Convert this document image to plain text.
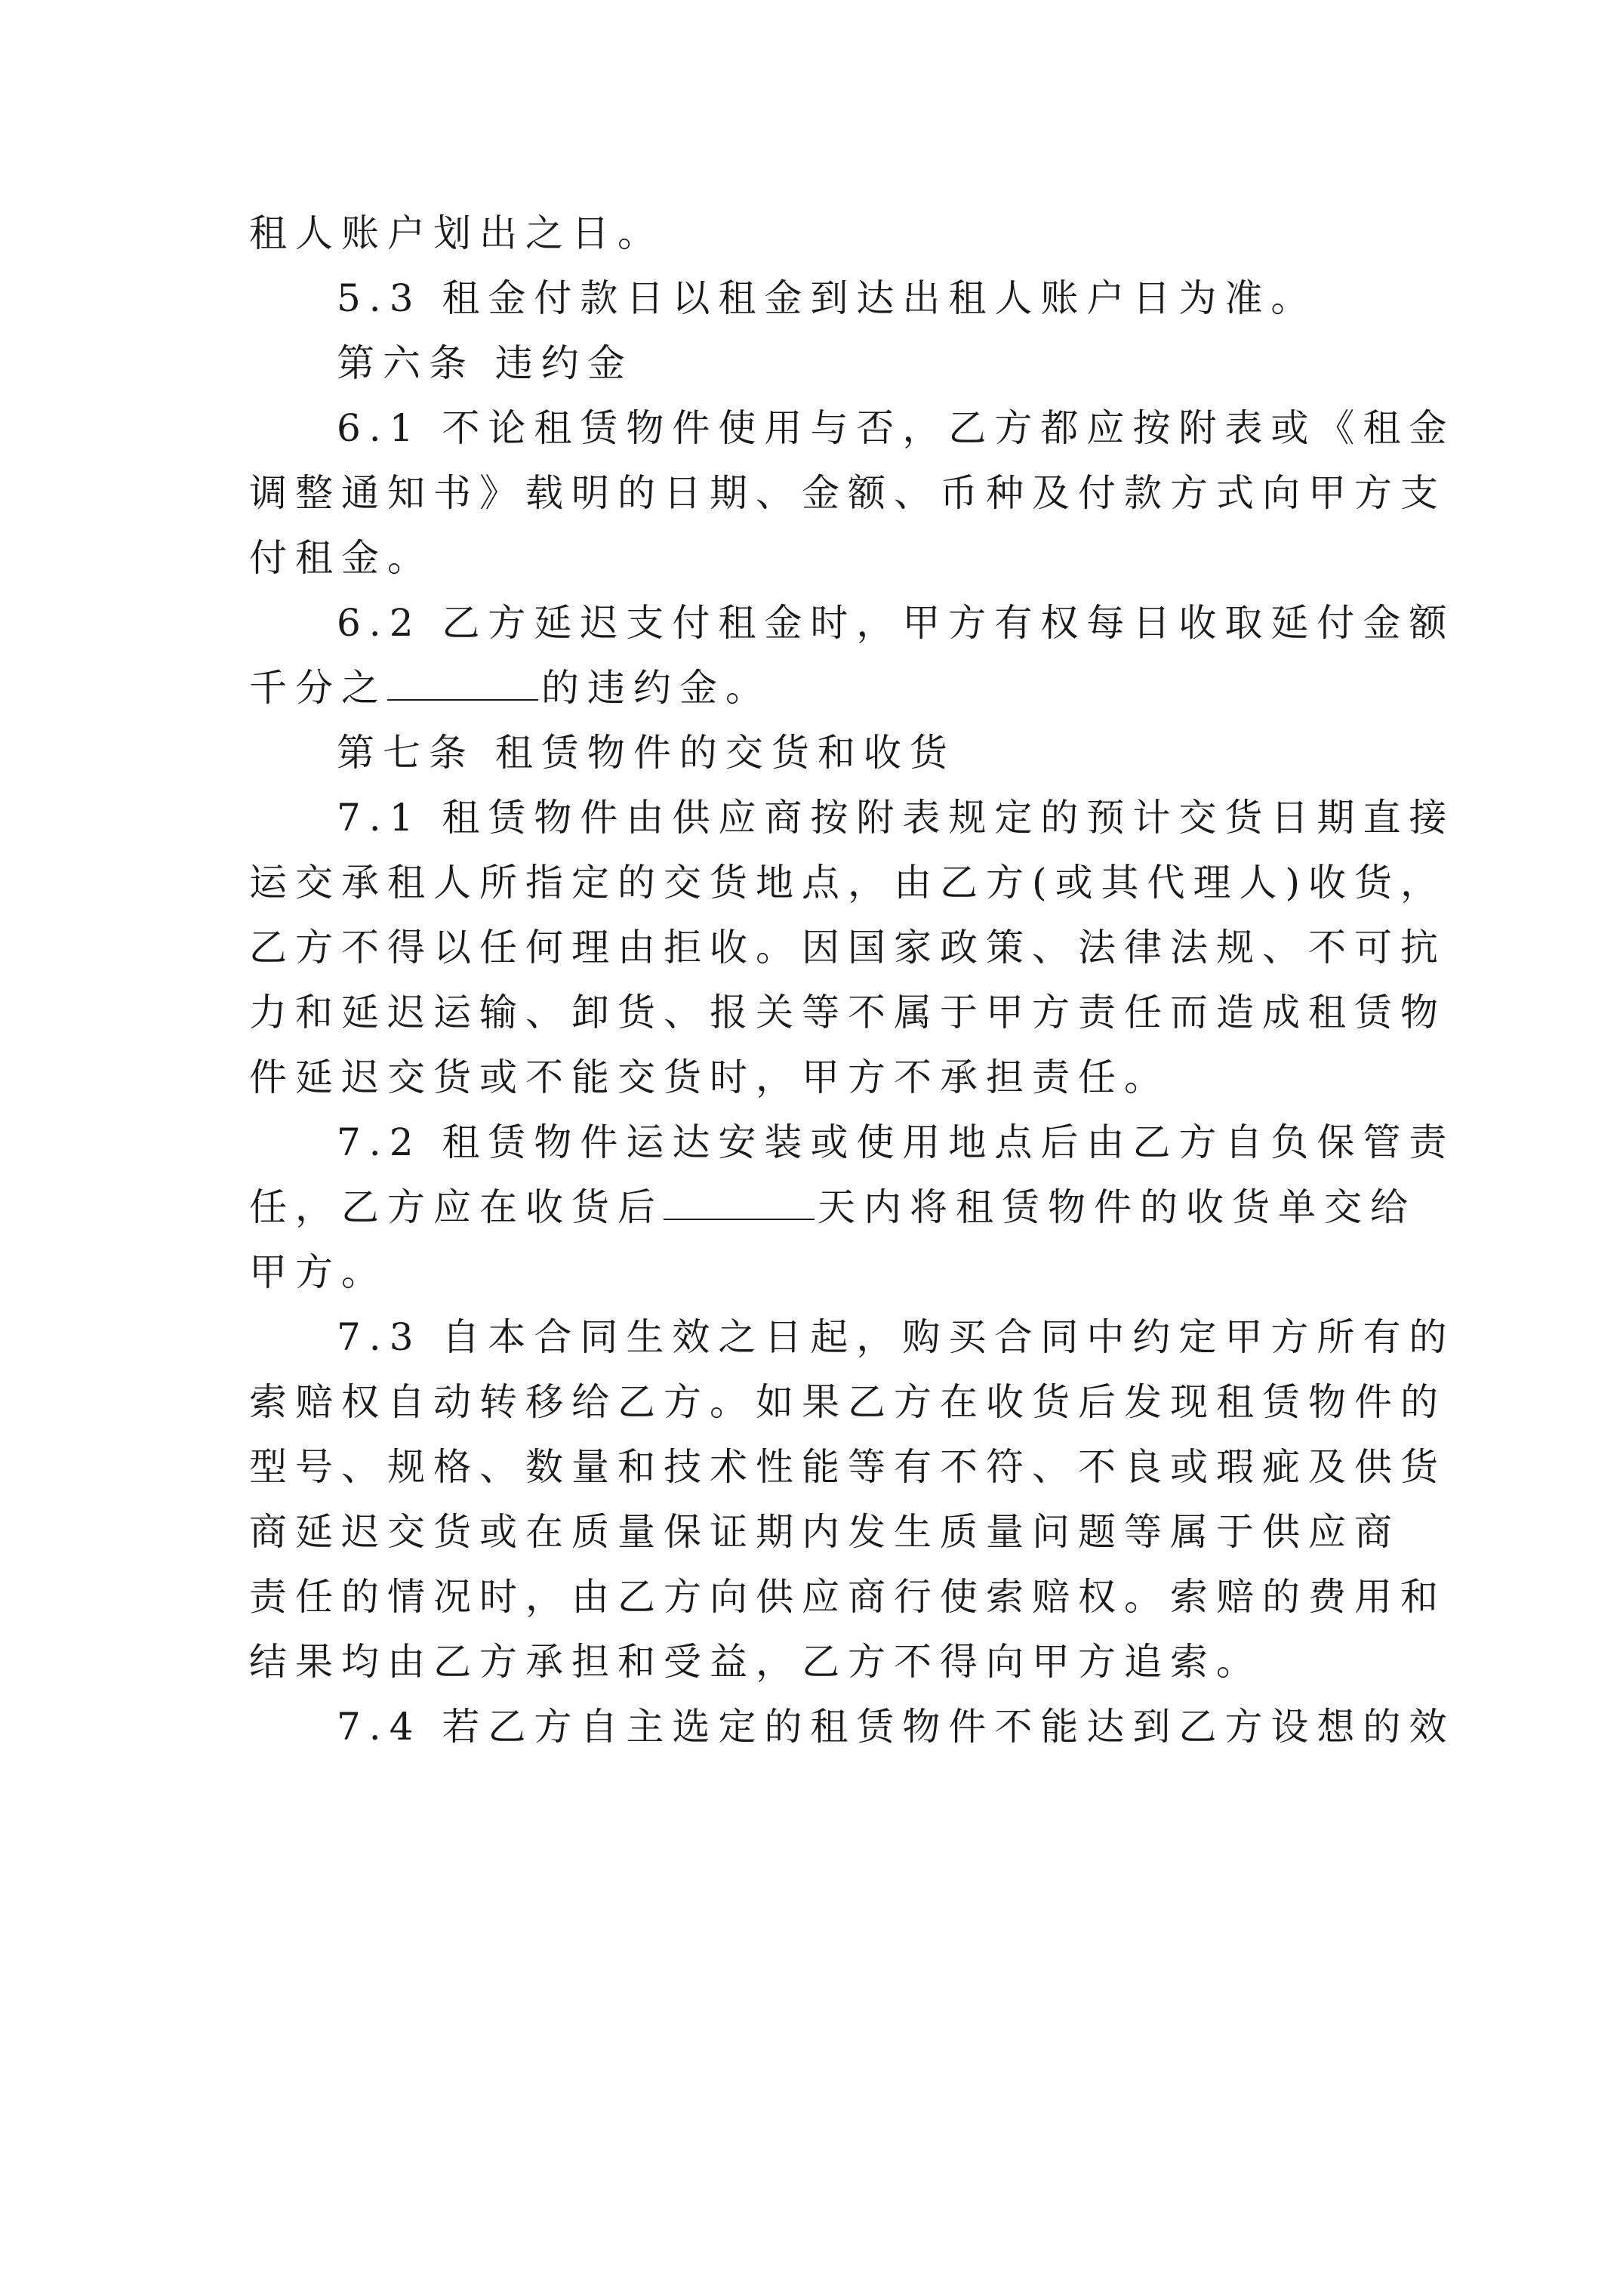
租人账户划出之日。
5.3 租金付款日以租金到达出租人账户日为准。
第六条 违约金
6.1 不论租赁物件使用与否，乙方都应按附表或《租金
调整通知书》载明的日期、金额、币种及付款方式向甲方支
付租金。
6.2 乙方延迟支付租金时，甲方有权每日收取延付金额
千分之	的违约金。
第七条 租赁物件的交货和收货
7.1 租赁物件由供应商按附表规定的预计交货日期直接
运交承租人所指定的交货地点，由乙方(或其代理人)收货，
乙方不得以任何理由拒收。因国家政策、法律法规、不可抗
力和延迟运输、卸货、报关等不属于甲方责任而造成租赁物
件延迟交货或不能交货时，甲方不承担责任。
7.2 租赁物件运达安装或使用地点后由乙方自负保管责
任，乙方应在收货后	天内将租赁物件的收货单交给
甲方。
7.3 自本合同生效之日起，购买合同中约定甲方所有的
索赔权自动转移给乙方。如果乙方在收货后发现租赁物件的
型号、规格、数量和技术性能等有不符、不良或瑕疵及供货
商延迟交货或在质量保证期内发生质量问题等属于供应商
责任的情况时，由乙方向供应商行使索赔权。索赔的费用和
结果均由乙方承担和受益，乙方不得向甲方追索。
7.4 若乙方自主选定的租赁物件不能达到乙方设想的效
